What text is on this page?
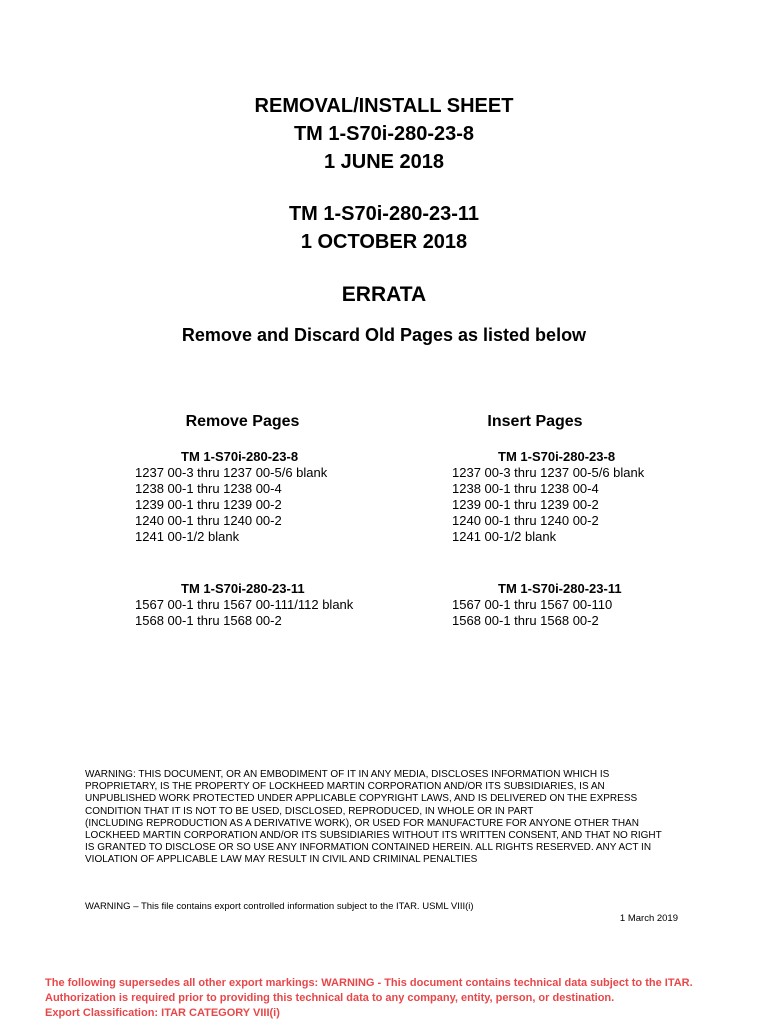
REMOVAL/INSTALL SHEET
TM 1-S70i-280-23-8
1 JUNE 2018
TM 1-S70i-280-23-11
1 OCTOBER 2018
ERRATA
Remove and Discard Old Pages as listed below
Remove Pages	Insert Pages
TM 1-S70i-280-23-8
1237 00-3 thru 1237 00-5/6 blank
1238 00-1 thru 1238 00-4
1239 00-1 thru 1239 00-2
1240 00-1 thru 1240 00-2
1241 00-1/2 blank
TM 1-S70i-280-23-11
1567 00-1 thru 1567 00-111/112 blank
1568 00-1 thru 1568 00-2
TM 1-S70i-280-23-8
1237 00-3 thru 1237 00-5/6 blank
1238 00-1 thru 1238 00-4
1239 00-1 thru 1239 00-2
1240 00-1 thru 1240 00-2
1241 00-1/2 blank
TM 1-S70i-280-23-11
1567 00-1 thru 1567 00-110
1568 00-1 thru 1568 00-2
WARNING: THIS DOCUMENT, OR AN EMBODIMENT OF IT IN ANY MEDIA, DISCLOSES INFORMATION WHICH IS
PROPRIETARY, IS THE PROPERTY OF LOCKHEED MARTIN CORPORATION AND/OR ITS SUBSIDIARIES, IS AN
UNPUBLISHED WORK PROTECTED UNDER APPLICABLE COPYRIGHT LAWS, AND IS DELIVERED ON THE EXPRESS
CONDITION THAT IT IS NOT TO BE USED, DISCLOSED, REPRODUCED, IN WHOLE OR IN PART
(INCLUDING REPRODUCTION AS A DERIVATIVE WORK), OR USED FOR MANUFACTURE FOR ANYONE OTHER THAN
LOCKHEED MARTIN CORPORATION AND/OR ITS SUBSIDIARIES WITHOUT ITS WRITTEN CONSENT, AND THAT NO RIGHT
IS GRANTED TO DISCLOSE OR SO USE ANY INFORMATION CONTAINED HEREIN. ALL RIGHTS RESERVED. ANY ACT IN
VIOLATION OF APPLICABLE LAW MAY RESULT IN CIVIL AND CRIMINAL PENALTIES
WARNING – This file contains export controlled information subject to the ITAR. USML VIII(i)
1 March 2019
The following supersedes all other export markings: WARNING - This document contains technical data subject to the ITAR.
Authorization is required prior to providing this technical data to any company, entity, person, or destination.
Export Classification: ITAR CATEGORY VIII(i)
